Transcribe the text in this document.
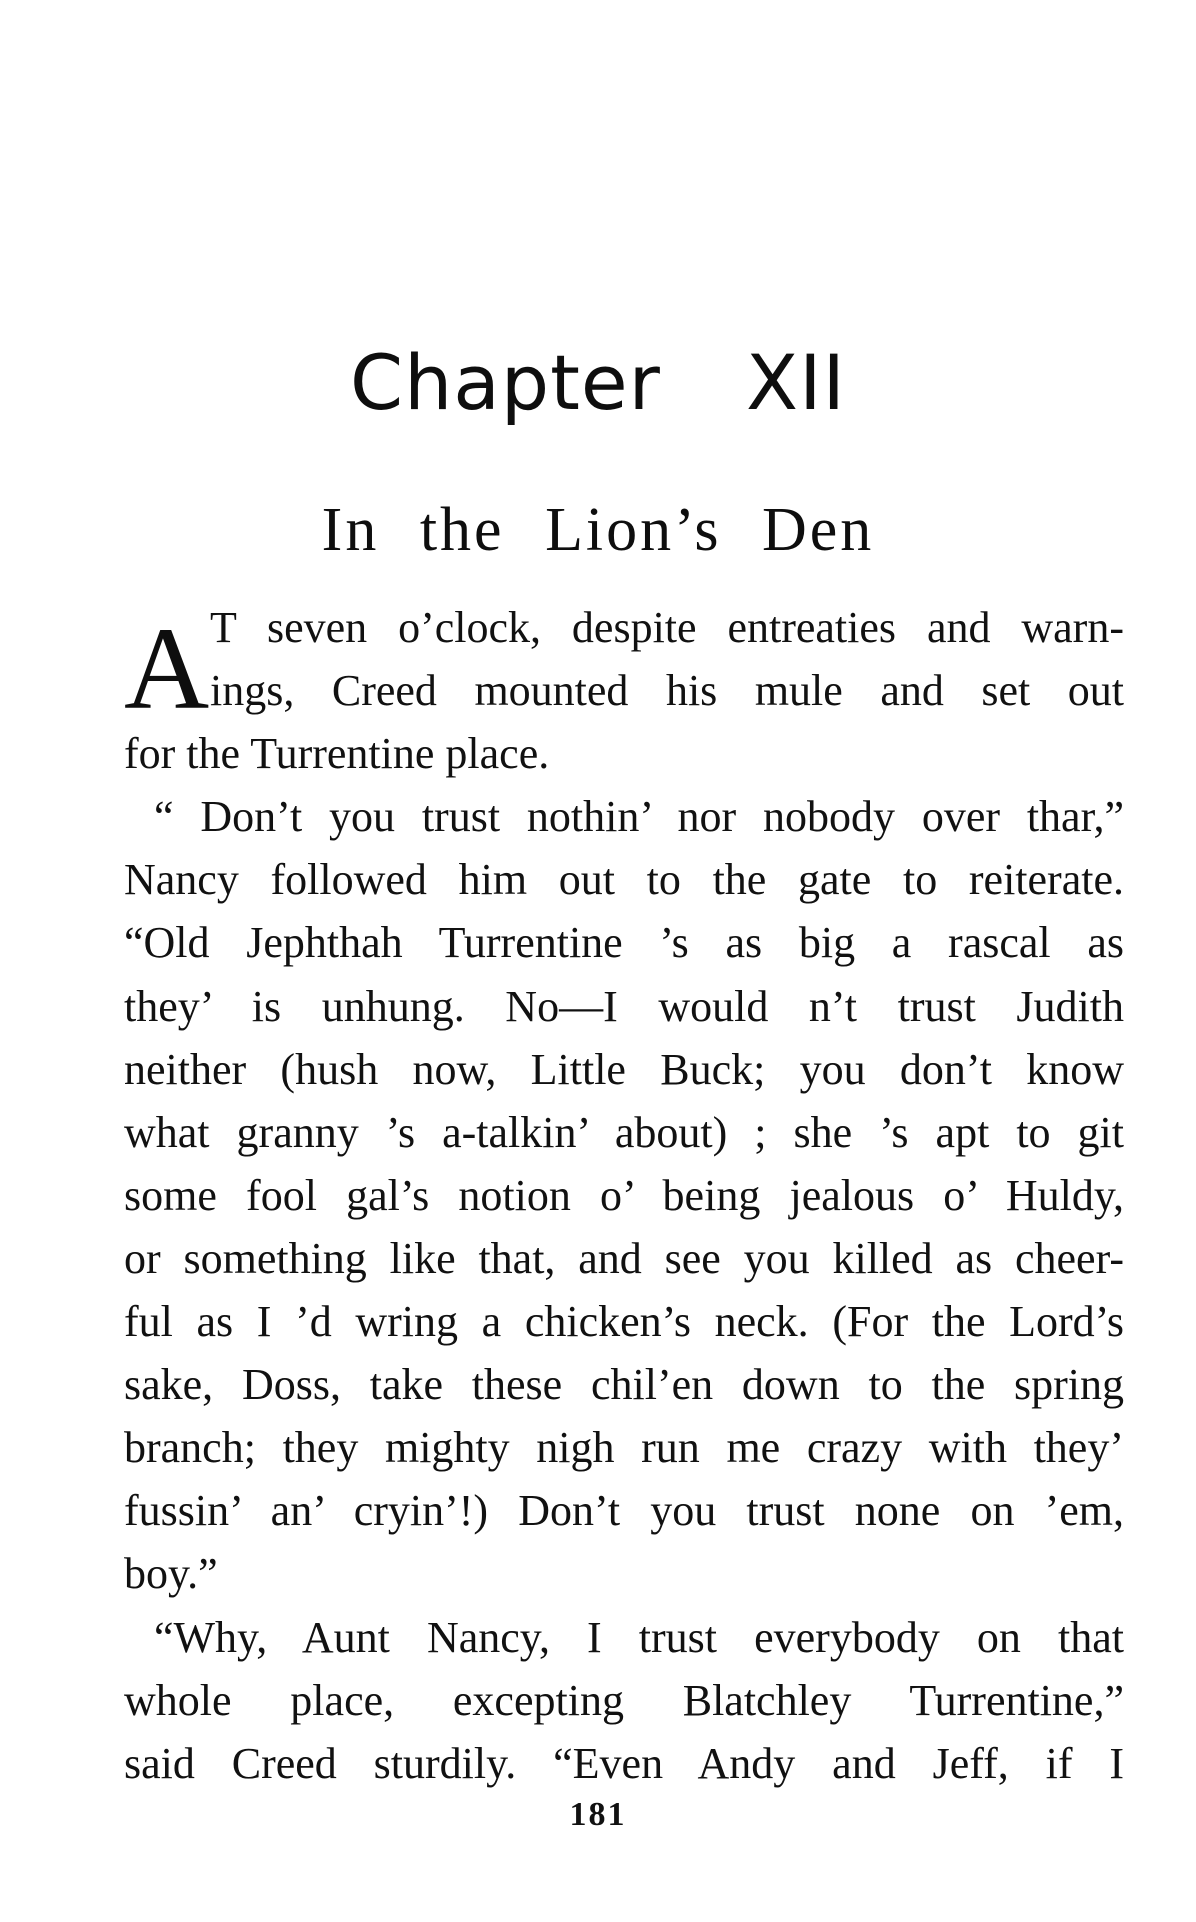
Chapter XII
In the Lion’s Den
A T seven o’clock, despite entreaties and warn-
ings, Creed mounted his mule and set out
for the Turrentine place.
“ Don’t you trust nothin’ nor nobody over thar,”
Nancy followed him out to the gate to reiterate.
“Old Jephthah Turrentine ’s as big a rascal as
they’ is unhung. No—I would n’t trust Judith
neither (hush now, Little Buck; you don’t know
what granny ’s a-talkin’ about) ; she ’s apt to git
some fool gal’s notion o’ being jealous o’ Huldy,
or something like that, and see you killed as cheer-
ful as I ’d wring a chicken’s neck. (For the Lord’s
sake, Doss, take these chil’en down to the spring
branch; they mighty nigh run me crazy with they’
fussin’ an’ cryin’!) Don’t you trust none on ’em,
boy.”
“Why, Aunt Nancy, I trust everybody on that
whole place, excepting Blatchley Turrentine,”
said Creed sturdily. “Even Andy and Jeff, if I
181
